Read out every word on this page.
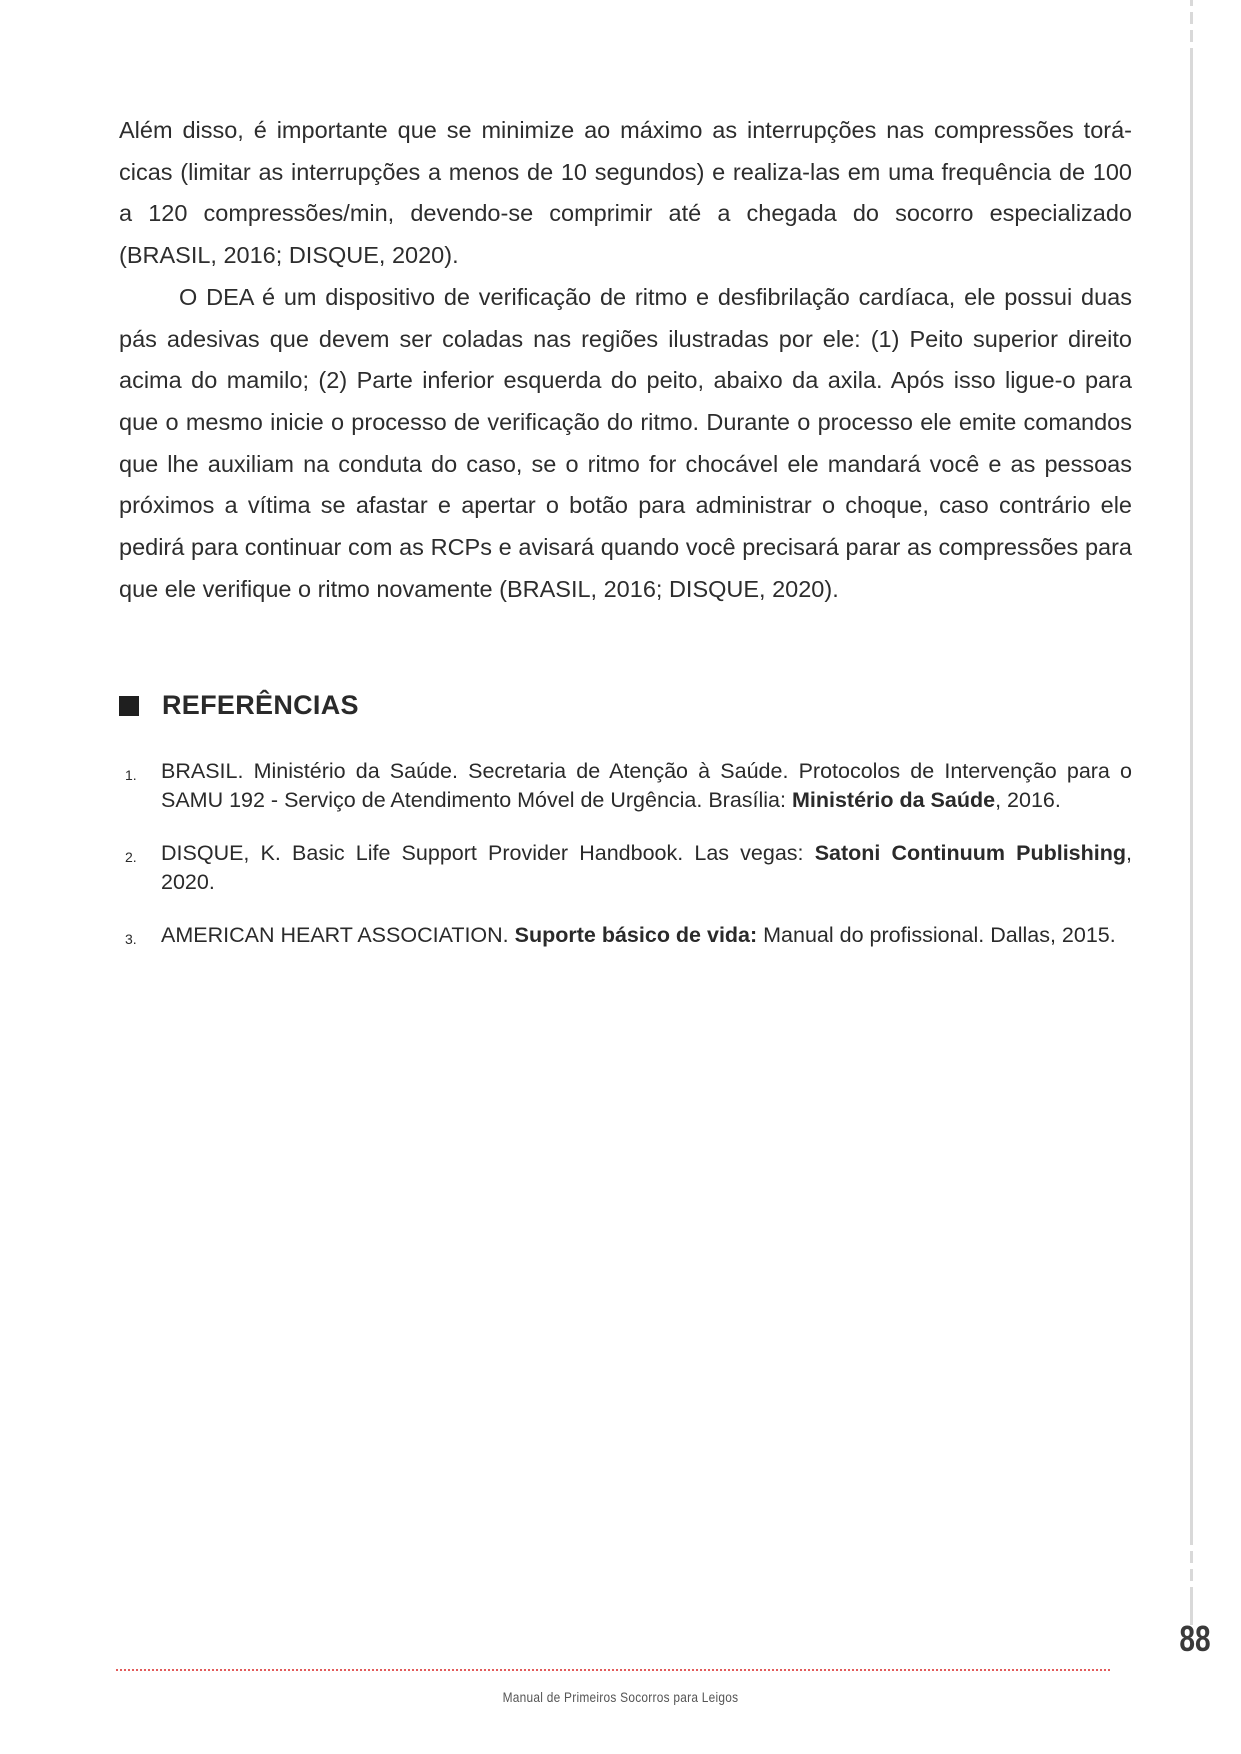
Além disso, é importante que se minimize ao máximo as interrupções nas compressões torá-cicas (limitar as interrupções a menos de 10 segundos) e realiza-las em uma frequência de 100 a 120 compressões/min, devendo-se comprimir até a chegada do socorro especializado (BRASIL, 2016; DISQUE, 2020).

O DEA é um dispositivo de verificação de ritmo e desfibrilação cardíaca, ele possui duas pás adesivas que devem ser coladas nas regiões ilustradas por ele: (1) Peito superior direito acima do mamilo; (2) Parte inferior esquerda do peito, abaixo da axila. Após isso ligue-o para que o mesmo inicie o processo de verificação do ritmo. Durante o processo ele emite comandos que lhe auxiliam na conduta do caso, se o ritmo for chocável ele mandará você e as pessoas próximos a vítima se afastar e apertar o botão para administrar o choque, caso contrário ele pedirá para continuar com as RCPs e avisará quando você precisará parar as compressões para que ele verifique o ritmo novamente (BRASIL, 2016; DISQUE, 2020).

REFERÊNCIAS
1.	BRASIL. Ministério da Saúde. Secretaria de Atenção à Saúde. Protocolos de Intervenção para o SAMU 192 - Serviço de Atendimento Móvel de Urgência. Brasília: Ministério da Saúde, 2016.
2.	DISQUE, K. Basic Life Support Provider Handbook. Las vegas: Satoni Continuum Publishing, 2020.
3.	AMERICAN HEART ASSOCIATION. Suporte básico de vida: Manual do profissional. Dallas, 2015.
88
Manual de Primeiros Socorros para Leigos
